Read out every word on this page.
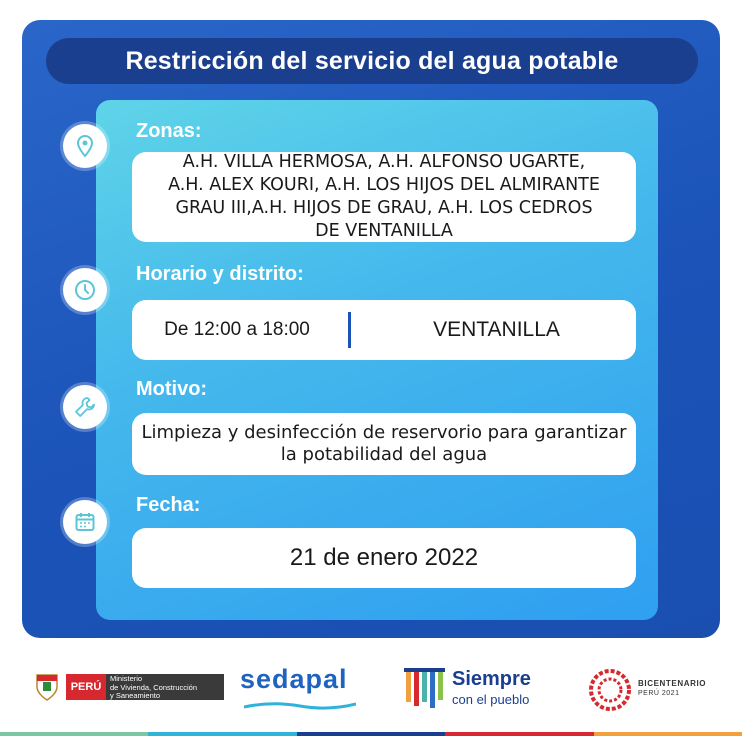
Restricción del servicio del agua potable
Zonas:
A.H. VILLA HERMOSA, A.H. ALFONSO UGARTE,
A.H. ALEX KOURI, A.H. LOS HIJOS DEL ALMIRANTE
GRAU III,A.H. HIJOS DE GRAU, A.H. LOS CEDROS
DE VENTANILLA
Horario y distrito:
De 12:00 a 18:00	VENTANILLA
Motivo:
Limpieza y desinfección de reservorio para garantizar
la potabilidad del agua
Fecha:
21 de enero 2022
PERÚ
Ministerio
de Vivienda, Construcción
y Saneamiento
sedapal	Siempre
con el pueblo
BICENTENARIO
PERÚ 2021
